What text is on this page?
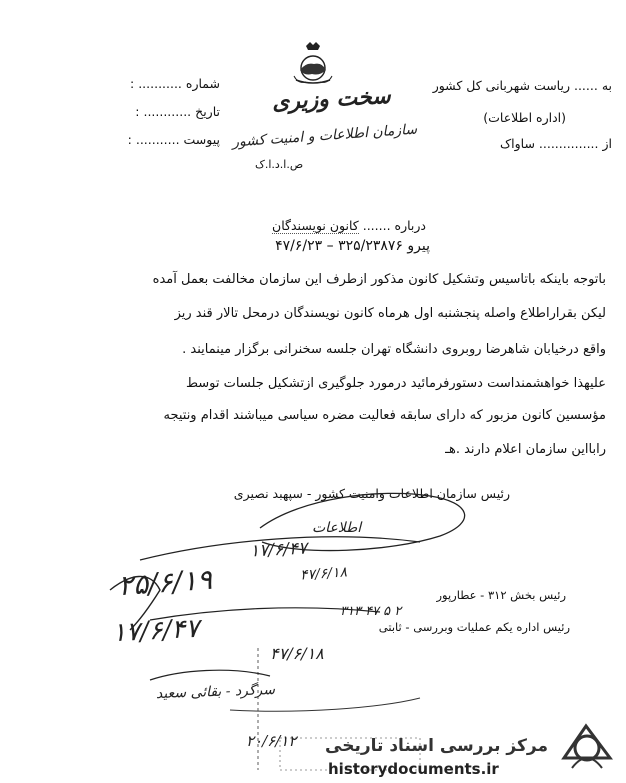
شماره ........... :
تاریخ ............ :
پیوست ........... :
سخت وزیری
سازمان اطلاعات و امنیت کشور
ص.ا.د.ا.ک
به ...... ریاست شهربانی کل کشور
(اداره اطلاعات)
از ............... ساواک
درباره ....... کانون نویسندگان
پیرو ۳۲۵/۲۳۸۷۶ – ۴۷/۶/۲۳
باتوجه باینکه باتاسیس وتشکیل کانون مذکور ازطرف این سازمان مخالفت بعمل آمده
لیکن بقراراطلاع واصله پنجشنبه اول هرماه کانون نویسندگان درمحل تالار قند ریز
واقع درخیابان شاهرضا روبروی دانشگاه تهران جلسه سخنرانی برگزار مینمایند .
علیهذا خواهشمنداست دستورفرمائید درمورد جلوگیری ازتشکیل جلسات توسط
مؤسسین کانون مزبور که دارای سابقه فعالیت مضره سیاسی میباشند اقدام ونتیجه
رابااین سازمان اعلام دارند .هـ
رئیس سازمان اطلاعات وامنیت کشور - سپهبد نصیری
اطلاعات
۲۵/۶/۱۹
۱۷/۶/۴۷
۴۷/۶/۱۸
رئیس بخش ۳۱۲ - عطارپور
۳۱۳ ۴۷ ۵ ۲
۱۷/۶/۴۷	رئیس اداره یکم عملیات وبررسی - ثابتی
۴۷/۶/۱۸
سرگرد - بقائی سعید
۲۰/۶/۱۲ مرکز بررسی اسناد تاریخی
historydocuments.ir
